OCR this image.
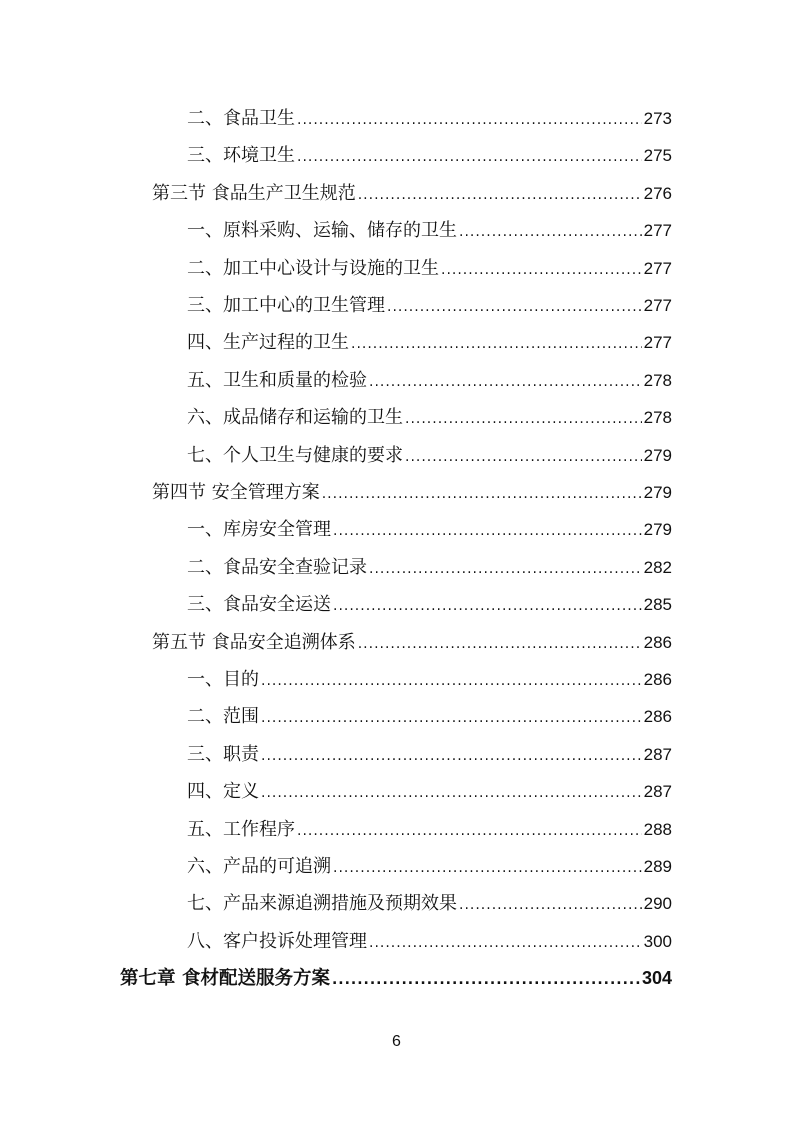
二、食品卫生 .....	273
三、环境卫生 .....	275
第三节 食品生产卫生规范 .....	276
一、原料采购、运输、储存的卫生 .....	277
二、加工中心设计与设施的卫生 .....	277
三、加工中心的卫生管理 .....	277
四、生产过程的卫生 .....	277
五、卫生和质量的检验 .....	278
六、成品储存和运输的卫生 .....	278
七、个人卫生与健康的要求 .....	279
第四节 安全管理方案 .....	279
一、库房安全管理 .....	279
二、食品安全查验记录 .....	282
三、食品安全运送 .....	285
第五节 食品安全追溯体系 .....	286
一、目的 .....	286
二、范围 .....	286
三、职责 .....	287
四、定义 .....	287
五、工作程序 .....	288
六、产品的可追溯 .....	289
七、产品来源追溯措施及预期效果 .....	290
八、客户投诉处理管理 .....	300
第七章 食材配送服务方案 .....	304
6
